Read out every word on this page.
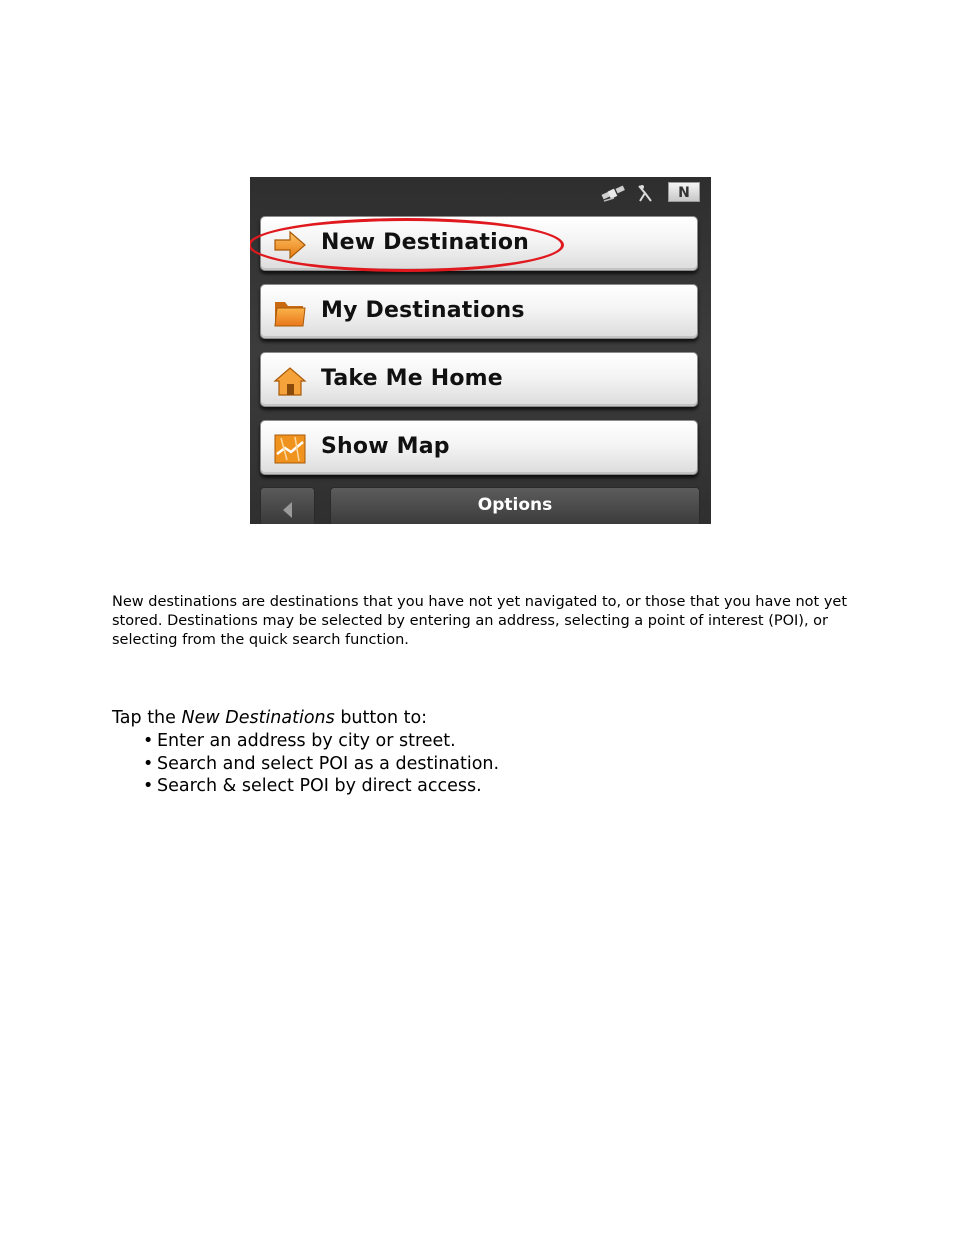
N
New Destination
My Destinations
Take Me Home
Show Map
Options

New destinations are destinations that you have not yet navigated to, or those that you have not yet stored. Destinations may be selected by entering an address, selecting a point of interest (POI), or selecting from the quick search function.

Tap the New Destinations button to:

• Enter an address by city or street.
• Search and select POI as a destination.
• Search & select POI by direct access.
